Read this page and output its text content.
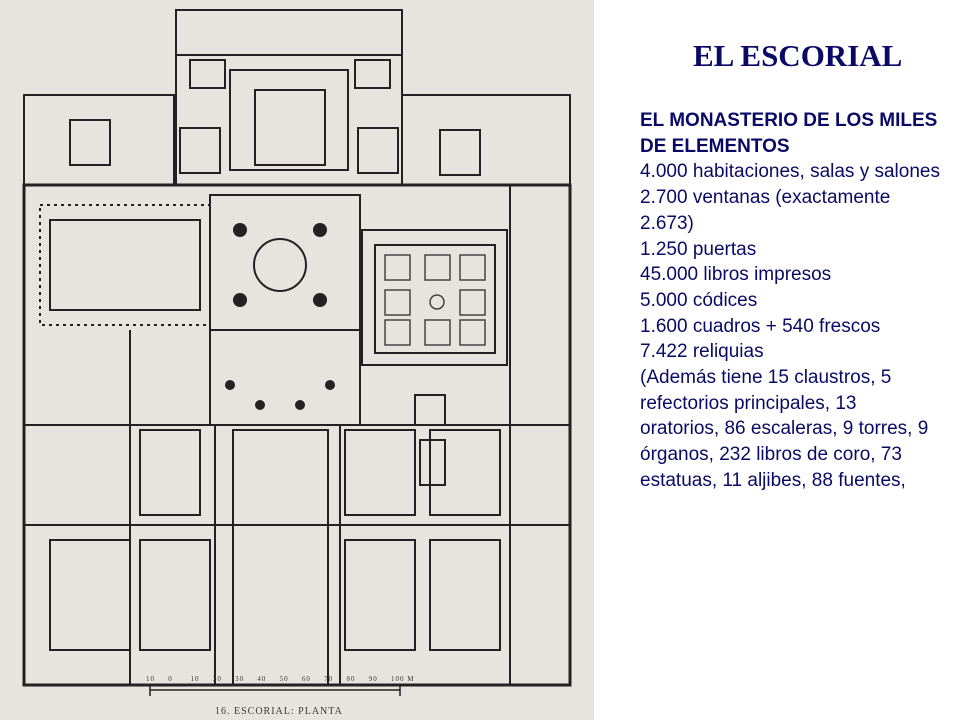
10 0	10 20 30 40 50 60 70 80 90 100 M
16. ESCORIAL: PLANTA
EL ESCORIAL
EL MONASTERIO DE LOS MILES DE ELEMENTOS
4.000 habitaciones, salas y salones
2.700 ventanas (exactamente 2.673)
1.250 puertas
45.000 libros impresos
5.000 códices
1.600 cuadros + 540 frescos
7.422 reliquias
(Además tiene 15 claustros, 5 refectorios principales, 13 oratorios, 86 escaleras, 9 torres, 9 órganos, 232 libros de coro, 73 estatuas, 11 aljibes, 88 fuentes,
